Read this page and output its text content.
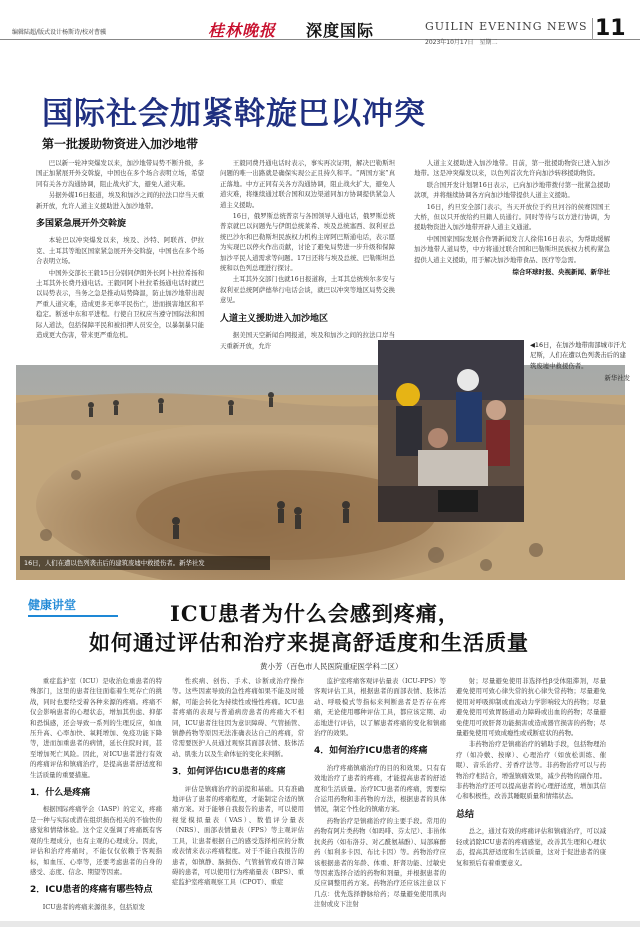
编辑陆超/版式设计杨斯诗/校对曹骥	桂林晚报 深度国际	GUILIN EVENING NEWS
2023年10月17日　星期二
11
国际社会加紧斡旋巴以冲突
第一批援助物资进入加沙地带

巴以新一轮冲突爆发以来，加沙地带局势不断升级，多国正加紧展开外交斡旋，中国也在多个场合表明立场，希望同有关各方沟通协调，阻止战火扩大，避免人道灾难。

另据外媒16日报道，埃及和加沙之间的拉法口岸当天重新开放，允许人道主义援助进入加沙地带。

多国紧急展开外交斡旋

本轮巴以冲突爆发以来，埃及、沙特、阿联酋、伊拉克、土耳其等地区国家紧急展开外交斡旋，中国也在多个场合表明立场。

中国外交部长王毅15日分别同伊朗外长阿卜杜拉希扬和土耳其外长费丹通电话。王毅同阿卜杜拉希扬通电话时就巴以局势表示，当务之急是推动局势降温，防止加沙地带出现严重人道灾难，造成更多无辜平民伤亡，进而损害地区和平稳定。断送中东和平进程。行使自卫权应当遵守国际法和国际人道法，包括保障平民和被扣押人员安全，以暴制暴只能造成更大伤害，带来更严重危机。

王毅同费丹通电话时表示，事实再次证明，解决巴勒斯坦问题的唯一出路就是确保实现公正且持久和平。“两国方案”真正落地。中方正同有关各方沟通协调，阻止战火扩大，避免人道灾难，将继续通过联合国和双边渠道同加方协调提供紧急人道主义援助。

16日，俄罗斯总统普京与各国领导人通电话，俄罗斯总统普京就巴以问题先与伊朗总统莱希、埃及总统塞西、叙利亚总统巴沙尔和巴勒斯坦民族权力机构主席阿巴斯通电话，表示愿为实现巴以停火作出贡献，讨论了避免局势进一步升级和保障加沙平民人道需求等问题。17日还将与埃及总统、巴勒斯坦总统和以色列总理进行探讨。

土耳其外交部门也就16日报道称，土耳其总统埃尔多安与叙利亚总统阿萨德举行电话会谈，就巴以冲突等地区局势交换意见。

人道主义援助进入加沙地区

据美国天空新闻台网报道，埃及和加沙之间的拉法口岸当天重新开放，允许

人道主义援助进入加沙地带。目前，第一批援助物资已进入加沙地带。这是冲突爆发以来，以色列首次允许向加沙转移援助物资。

联合国开发计划署16日表示，已向加沙地带拨付第一批紧急援助款项，并将继续协调各方向加沙地带提供人道主义援助。

16日，约旦安全部门表示，当天开放位于约旦河谷的侯赛因国王大桥，但以只开放给约旦籍人员通行。同时等待与以方进行协调，为援助物资进入加沙地带开辟人道主义通道。

中国国家国际发展合作署新闻发言人徐伟16日表示，为帮助缓解加沙地带人道局势，中方将通过联合国和巴勒斯坦民族权力机构紧急提供人道主义援助，用于解决加沙地带食品、医疗等急需。

综合环球时报、央视新闻、新华社
16日，人们在遭以色列袭击后的建筑废墟中救援伤者。新华社发
◀16日，在加沙地带南部城市汗尤尼斯，人们在遭以色列袭击后的建筑废墟中救援伤者。
新华社发
健康讲堂	ICU患者为什么会感到疼痛，
如何通过评估和治疗来提高舒适度和生活质量
黄小芳（百色市人民医院重症医学科二区）

重症监护室（ICU）是收治危重患者的特殊部门，这里的患者往往面临着生死存亡的挑战，同时也要经受着各种来源的疼痛。疼痛不仅会影响患者的心理状态，增加其焦虑、抑郁和恐惧感，还会导致一系列的生理反应，如血压升高、心率加快、氧耗增加、免疫功能下降等，进而加重患者的病情，延长住院时间，甚至增加死亡风险。因此，对ICU患者进行有效的疼痛评估和镇痛治疗，是提高患者舒适度和生活质量的重要措施。

1．什么是疼痛

根据国际疼痛学会（IASP）的定义，疼痛是一种与实际或潜在组织损伤相关的不愉快的感觉和情绪体验。这个定义强调了疼痛既有客观的生理成分，也有主观的心理成分。因此，评估和治疗疼痛时，不能仅仅依赖于客观指标，如血压、心率等，还要考虑患者的自身的感受、态度、信念、期望等因素。

2．ICU患者的疼痛有哪些特点

ICU患者的疼痛来源很多，包括原发

性疾病、创伤、手术、诊断或治疗操作等。这些因素导致的急性疼痛如果不能及时缓解，可能会转化为持续性或慢性疼痛。ICU患者疼痛的表现与普通病房患者的疼痛大不相同，ICU患者往往因为意识障碍、气管插管、镇静药物等原因无法准确表达自己的疼痛，常常需要医护人员通过观察其面部表情、肢体活动、肌张力以及生命体征的变化来判断。

3．如何评估ICU患者的疼痛

评估是镇痛治疗的前提和基础。只有准确地评估了患者的疼痛程度，才能制定合适的镇痛方案。对于能够自我报告的患者，可以使用视觉模拟量表（VAS）、数值评分量表（NRS）、面部表情量表（FPS）等主观评估工具，让患者根据自己的感受选择相应的分数或表情来表示疼痛程度。对于不能自我报告的患者，如镇静、脑损伤、气管插管或有语言障碍的患者，可以使用行为疼痛量表（BPS）、重症监护室疼痛观察工具（CPOT）、重症

监护室疼痛客观评估量表（ICU-FPS）等客观评估工具，根据患者的面部表情、肢体活动、呼吸模式等指标来判断患者是否存在疼痛，无论使用哪种评估工具，都应该定期、动态地进行评估，以了解患者疼痛的变化和镇痛治疗的效果。

4．如何治疗ICU患者的疼痛

治疗疼痛镇痛治疗的目的和效果。只有有效地治疗了患者的疼痛，才能提高患者的舒适度和生活质量。治疗ICU患者的疼痛，需要综合运用药物和非药物的方法，根据患者的具体情况，制定个性化的镇痛方案。

药物治疗是镇痛治疗的主要手段。常用的药物有阿片类药物（如吗啡、芬太尼）、非甾体抗炎药（如布洛芬、对乙酰氨基酚）、局部麻醉药（如利多卡因、布比卡因）等。药物治疗应该根据患者的年龄、体重、肝肾功能、过敏史等因素选择合适的药物和剂量，并根据患者的反应调整用药方案。药物治疗还应该注意以下几点：优先选择静脉给药；尽量避免使用肌肉注射或皮下注射

射；尽量避免使用非选择性β受体阻滞剂，尽量避免使用可致心律失常的抗心律失常药物；尽量避免使用对呼吸抑制或血流动力学影响较大的药物；尽量避免使用可致胃肠道动力障碍或出血的药物；尽量避免使用可致肝肾功能损害或造成器官损害的药物；尽量避免使用可致成瘾性或戒断症状的药物。

非药物治疗是镇痛治疗的辅助手段，包括物理治疗（如冷敷、按摩）、心理治疗（如放松训练、催眠）、音乐治疗、芳香疗法等。非药物治疗可以与药物治疗相结合，增强镇痛效果，减少药物的副作用。非药物治疗还可以提高患者的心理舒适度，增加其信心和积极性，改善其睡眠质量和情绪状态。

总结

总之，通过有效的疼痛评估和镇痛治疗，可以减轻或消除ICU患者的疼痛感觉，改善其生理和心理状态，提高其舒适度和生活质量，这对于促进患者的康复和预后有着重要意义。
